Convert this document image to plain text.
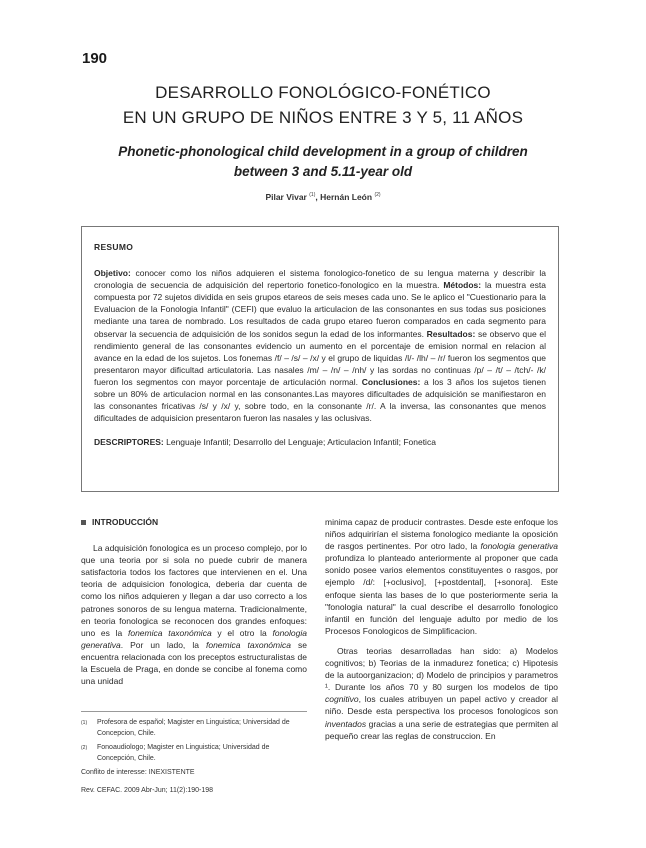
190
DESARROLLO FONOLÓGICO-FONÉTICO
EN UN GRUPO DE NIÑOS ENTRE 3 Y 5, 11 AÑOS
Phonetic-phonological child development in a group of children
between 3 and 5.11-year old
Pilar Vivar $^{(1)}$, Hernán León $^{(2)}$
RESUMO
Objetivo: conocer como los niños adquieren el sistema fonologico-fonetico de su lengua materna y describir la cronologia de secuencia de adquisición del repertorio fonetico-fonologico en la muestra. Métodos: la muestra esta compuesta por 72 sujetos dividida en seis grupos etareos de seis meses cada uno. Se le aplico el "Cuestionario para la Evaluacion de la Fonologia Infantil" (CEFI) que evaluo la articulacion de las consonantes en sus todas sus posiciones mediante una tarea de nombrado. Los resultados de cada grupo etareo fueron comparados en cada segmento para observar la secuencia de adquisición de los sonidos segun la edad de los informantes. Resultados: se observo que el rendimiento general de las consonantes evidencio un aumento en el porcentaje de emision normal en relacion al avance en la edad de los sujetos. Los fonemas /f/ – /s/ – /x/ y el grupo de liquidas /l/- /lh/ – /r/ fueron los segmentos que presentaron mayor dificultad articulatoria. Las nasales /m/ – /n/ – /nh/ y las sordas no continuas /p/ – /t/ – /tch/- /k/ fueron los segmentos con mayor porcentaje de articulación normal. Conclusiones: a los 3 años los sujetos tienen sobre un 80% de articulacion normal en las consonantes.Las mayores dificultades de adquisición se manifiestaron en las consonantes fricativas /s/ y /x/ y, sobre todo, en la consonante /r/. A la inversa, las consonantes que menos dificultades de adquisicion presentaron fueron las nasales y las oclusivas.
DESCRIPTORES: Lenguaje Infantil; Desarrollo del Lenguaje; Articulacion Infantil; Fonetica
INTRODUCCIÓN

La adquisición fonologica es un proceso complejo, por lo que una teoria por si sola no puede cubrir de manera satisfactoria todos los factores que intervienen en el. Una teoria de adquisicion fonologica, deberia dar cuenta de como los niños adquieren y llegan a dar uso correcto a los patrones sonoros de su lengua materna. Tradicionalmente, en teoria fonologica se reconocen dos grandes enfoques: uno es la fonemica taxonómica y el otro la fonologia generativa. Por un lado, la fonemica taxonómica se encuentra relacionada con los preceptos estructuralistas de la Escuela de Praga, en donde se concibe al fonema como una unidad

minima capaz de producir contrastes. Desde este enfoque los niños adquirirían el sistema fonologico mediante la oposición de rasgos pertinentes. Por otro lado, la fonologia generativa profundiza lo planteado anteriormente al proponer que cada sonido posee varios elementos constituyentes o rasgos, por ejemplo /d/: [+oclusivo], [+postdental], [+sonora]. Este enfoque sienta las bases de lo que posteriormente seria la "fonologia natural" la cual describe el desarrollo fonologico infantil en función del lenguaje adulto por medio de los Procesos Fonologicos de Simplificacion.

Otras teorias desarrolladas han sido: a) Modelos cognitivos; b) Teorias de la inmadurez fonetica; c) Hipotesis de la autoorganizacion; d) Modelo de principios y parametros ¹. Durante los años 70 y 80 surgen los modelos de tipo cognitivo, los cuales atribuyen un papel activo y creador al niño. Desde esta perspectiva los procesos fonologicos son inventados gracias a una serie de estrategias que permiten al pequeño crear las reglas de construccion. En

(1)	Profesora de español; Magister en Linguistica; Universidad de Concepcion, Chile.
(2)	Fonoaudiologo; Magister en Linguistica; Universidad de Concepción, Chile.
Conflito de interesse: INEXISTENTE
Rev. CEFAC. 2009 Abr-Jun; 11(2):190-198
